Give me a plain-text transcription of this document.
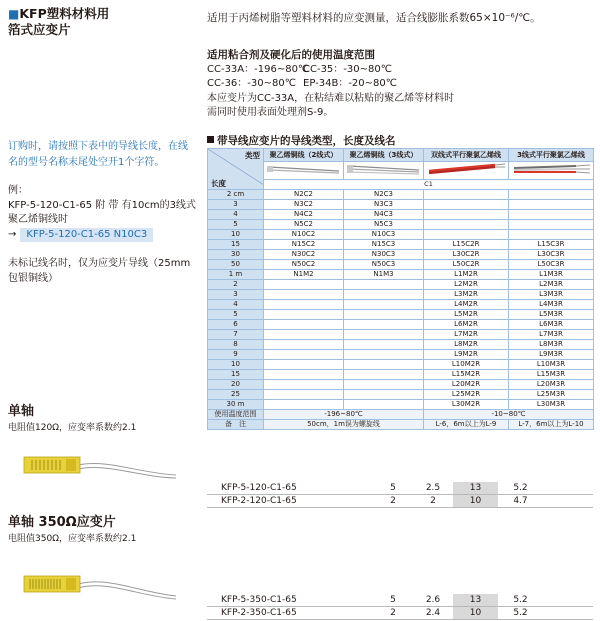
■KFP塑料材料用
箔式应变片
适用于丙烯树脂等塑料材料的应变测量，适合线膨胀系数65×10⁻⁶/℃。
适用粘合剂及硬化后的使用温度范围
CC-33A：-196~80℃CC-35：-30~80℃
CC-36：-30~80℃ EP-34B：-20~80℃
本应变片为CC-33A，在粘结难以粘贴的聚乙烯等材料时
需同时使用表面处理剂S-9。
订购时，请按照下表中的导线长度，在线名的型号名称末尾处空开1个字符。
例：
KFP-5-120-C1-65 附 带 有10cm的3线式聚乙烯铜线时
→ KFP-5-120-C1-65 N10C3
未标记线名时，仅为应变片导线（25mm包银铜线）
单轴
电阻值120Ω，应变率系数约2.1
单轴 350Ω应变片
电阻值350Ω，应变率系数约2.1
带导线应变片的导线类型，长度及线名
类型
长度	聚乙烯铜线（2线式）	聚乙烯铜线（3线式）	双线式平行聚氯乙烯线	3线式平行聚氯乙烯线

	C1			
2 cm	N2C2	N2C3		
3	N3C2	N3C3		
4	N4C2	N4C3		
5	N5C2	N5C3		
10	N10C2	N10C3		
15	N15C2	N15C3	L15C2R	L15C3R
30	N30C2	N30C3	L30C2R	L30C3R
50	N50C2	N50C3	L50C2R	L50C3R
1 m	N1M2	N1M3	L1M2R	L1M3R
2			L2M2R	L2M3R
3			L3M2R	L3M3R
4			L4M2R	L4M3R
5			L5M2R	L5M3R
6			L6M2R	L6M3R
7			L7M2R	L7M3R
8			L8M2R	L8M3R
9			L9M2R	L9M3R
10			L10M2R	L10M3R
15			L15M2R	L15M3R
20			L20M2R	L20M3R
25			L25M2R	L25M3R
30 m			L30M2R	L30M3R
使用温度范围	-196~80℃		-10~80℃	
备　注	50cm，1m误为螺旋线		L-6，6m以上为L-9	L-7，6m以上为L-10
KFP-5-120-C1-65	5	2.5	13	5.2	
KFP-2-120-C1-65	2	2	10	4.7	
KFP-5-350-C1-65	5	2.6	13	5.2	
KFP-2-350-C1-65	2	2.4	10	5.2	
